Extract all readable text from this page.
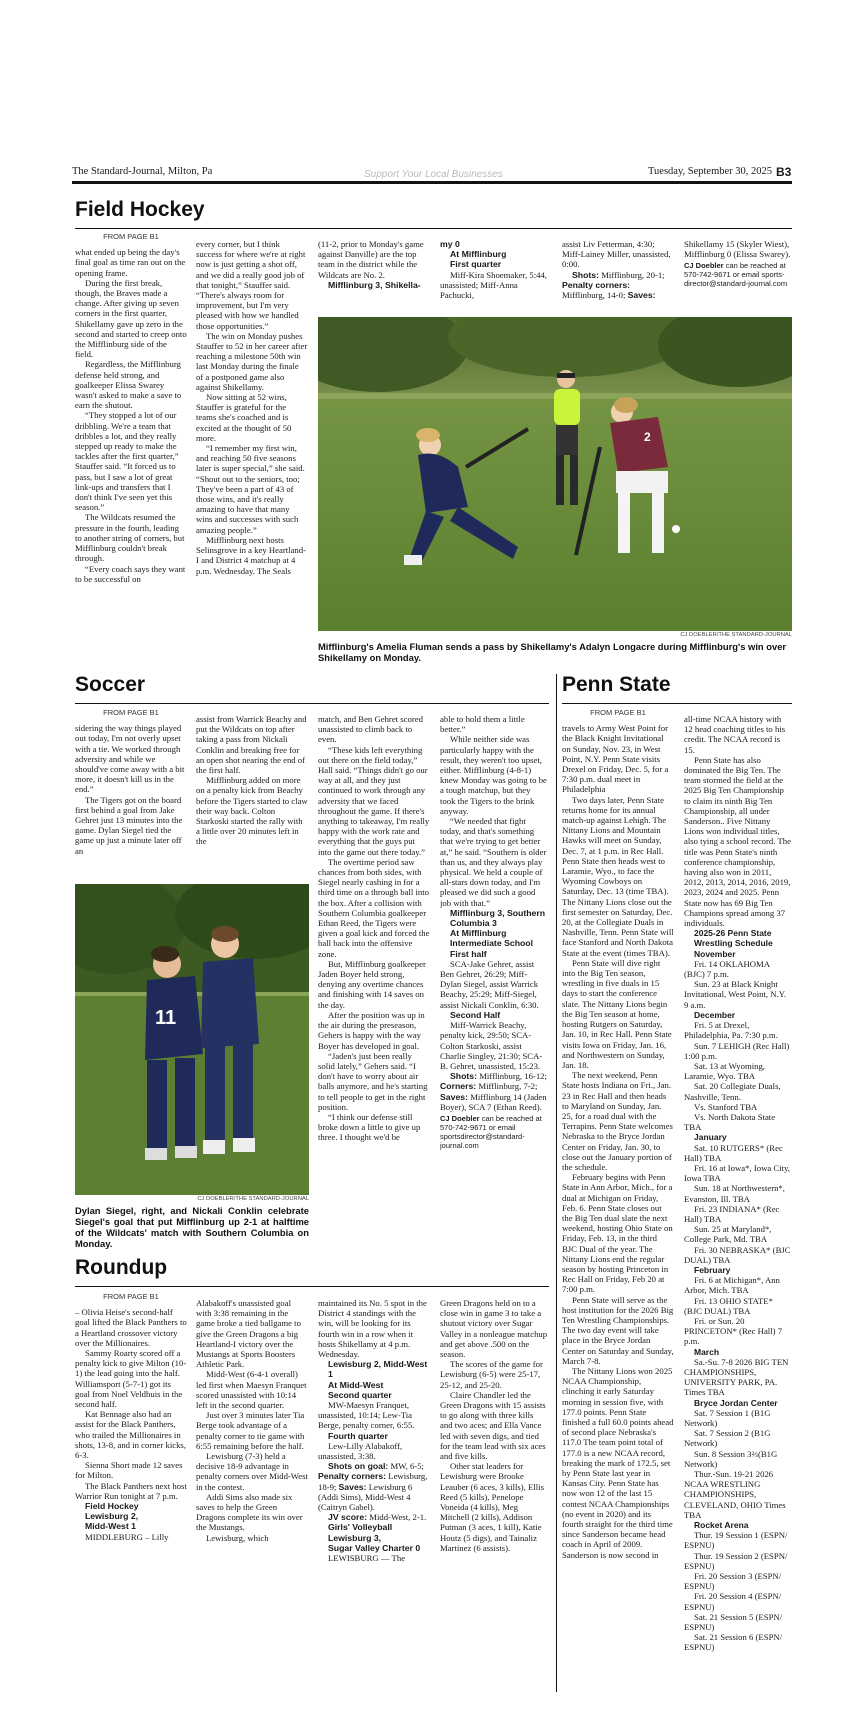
The Standard-Journal, Milton, Pa	Support Your Local Businesses	Tuesday, September 30, 2025 B3
Field Hockey
FROM PAGE B1

what ended up being the day's final goal as time ran out on the opening frame.

During the first break, though, the Braves made a change. After giving up seven corners in the first quarter, Shikellamy gave up zero in the second and started to creep onto the Mifflinburg side of the field.

Regardless, the Mifflinburg defense held strong, and goalkeeper Elissa Swarey wasn't asked to make a save to earn the shutout.

“They stopped a lot of our dribbling. We're a team that dribbles a lot, and they really stepped up ready to make the tackles after the first quarter,” Stauffer said. “It forced us to pass, but I saw a lot of great link-ups and transfers that I don't think I've seen yet this season.”

The Wildcats resumed the pressure in the fourth, leading to another string of corners, but Mifflinburg couldn't break through.

“Every coach says they want to be successful on

every corner, but I think success for where we're at right now is just getting a shot off, and we did a really good job of that tonight,” Stauffer said. “There's always room for improvement, but I'm very pleased with how we handled those opportunities.”

The win on Monday pushes Stauffer to 52 in her career after reaching a milestone 50th win last Monday during the finale of a postponed game also against Shikellamy.

Now sitting at 52 wins, Stauffer is grateful for the teams she's coached and is excited at the thought of 50 more.

“I remember my first win, and reaching 50 five seasons later is super special,” she said. “Shout out to the seniors, too; They've been a part of 43 of those wins, and it's really amazing to have that many wins and successes with such amazing people.”

Mifflinburg next hosts Selinsgrove in a key Heartland-I and District 4 matchup at 4 p.m. Wednesday. The Seals

(11-2, prior to Monday's game against Danville) are the top team in the district while the Wildcats are No. 2.

Mifflinburg 3, Shikella-
my 0
At Mifflinburg
First quarter

Miff-Kira Shoemaker, 5:44, unassisted; Miff-Anna Pachucki,

assist Liv Fetterman, 4:30; Miff-Lainey Miller, unassisted, 0:00.

Shots: Mifflinburg, 20-1; Penalty corners: Mifflinburg, 14-0; Saves:

Shikellamy 15 (Skyler Wiest), Mifflinburg 0 (Elissa Swarey).

CJ Doebler can be reached at 570-742-9671 or email sports-director@standard-journal.com

2
CJ DOEBLER/THE STANDARD-JOURNAL
Mifflinburg's Amelia Fluman sends a pass by Shikellamy's Adalyn Longacre during Mifflinburg's win over Shikellamy on Monday.
Soccer
FROM PAGE B1

sidering the way things played out today, I'm not overly upset with a tie. We worked through adversity and while we should've come away with a bit more, it doesn't kill us in the end.”

The Tigers got on the board first behind a goal from Jake Gehret just 13 minutes into the game. Dylan Siegel tied the game up just a minute later off an

assist from Warrick Beachy and put the Wildcats on top after taking a pass from Nickali Conklin and breaking free for an open shot nearing the end of the first half.

Mifflinburg added on more on a penalty kick from Beachy before the Tigers started to claw their way back. Colton Starkoski started the rally with a little over 20 minutes left in the

match, and Ben Gehret scored unassisted to climb back to even.

“These kids left everything out there on the field today,” Hall said. “Things didn't go our way at all, and they just continued to work through any adversity that we faced throughout the game. If there's anything to takeaway, I'm really happy with the work rate and everything that the guys put into the game out there today.”

The overtime period saw chances from both sides, with Siegel nearly cashing in for a third time on a through ball into the box. After a collision with Southern Columbia goalkeeper Ethan Reed, the Tigers were given a goal kick and forced the ball back into the offensive zone.

But, Mifflinburg goalkeeper Jaden Boyer held strong, denying any overtime chances and finishing with 14 saves on the day.

After the position was up in the air during the preseason, Gehers is happy with the way Boyer has developed in goal.

“Jaden's just been really solid lately,” Gehers said. “I don't have to worry about air balls anymore, and he's starting to tell people to get in the right position.

“I think our defense still broke down a little to give up three. I thought we'd be

able to hold them a little better.”

While neither side was particularly happy with the result, they weren't too upset, either. Mifflinburg (4-8-1) knew Monday was going to be a tough matchup, but they took the Tigers to the brink anyway.

“We needed that fight today, and that's something that we're trying to get better at,” he said. “Southern is older than us, and they always play physical. We held a couple of all-stars down today, and I'm pleased we did such a good job with that.”

Mifflinburg 3, Southern Columbia 3
At Mifflinburg Intermediate School
First half

SCA-Jake Gehret, assist Ben Gehret, 26:29; Miff-Dylan Siegel, assist Warrick Beachy, 25:29; Miff-Siegel, assist Nickali Conklin, 6:30.

Second Half

Miff-Warrick Beachy, penalty kick, 29:50; SCA-Colton Starkoski, assist Charlie Singley, 21:30; SCA-B. Gehret, unassisted, 15:23.

Shots: Mifflinburg, 16-12; Corners: Mifflinburg, 7-2; Saves: Mifflinburg 14 (Jaden Boyer), SCA 7 (Ethan Reed).

CJ Doebler can be reached at 570-742-9671 or email sportsdirector@standard-journal.com

11
CJ DOEBLER/THE STANDARD-JOURNAL
Dylan Siegel, right, and Nickali Conklin celebrate Siegel's goal that put Mifflinburg up 2-1 at halftime of the Wildcats' match with Southern Columbia on Monday.
Roundup
FROM PAGE B1

– Olivia Heise's second-half goal lifted the Black Panthers to a Heartland crossover victory over the Millionaires.

Sammy Roarty scored off a penalty kick to give Milton (10-1) the lead going into the half. Williamsport (5-7-1) got its goal from Noel Veldhuis in the second half.

Kat Bennage also had an assist for the Black Panthers, who trailed the Millionaires in shots, 13-8, and in corner kicks, 6-3.

Sienna Short made 12 saves for Milton.

The Black Panthers next host Warrior Run tonight at 7 p.m.

Field Hockey
Lewisburg 2,
Midd-West 1

MIDDLEBURG – Lilly

Alabakoff's unassisted goal with 3:38 remaining in the game broke a tied ballgame to give the Green Dragons a big Heartland-I victory over the Mustangs at Sports Boosters Athletic Park.

Midd-West (6-4-1 overall) led first when Maesyn Franquet scored unassisted with 10:14 left in the second quarter.

Just over 3 minutes later Tia Berge took advantage of a penalty corner to tie game with 6:55 remaining before the half.

Lewisburg (7-3) held a decisive 18-9 advantage in penalty corners over Midd-West in the contest.

Addi Sims also made six saves to help the Green Dragons complete its win over the Mustangs.

Lewisburg, which

maintained its No. 5 spot in the District 4 standings with the win, will be looking for its fourth win in a row when it hosts Shikellamy at 4 p.m. Wednesday.

Lewisburg 2, Midd-West 1
At Midd-West
Second quarter

MW-Maesyn Franquet, unassisted, 10:14; Lew-Tia Berge, penalty corner, 6:55.

Fourth quarter

Lew-Lilly Alabakoff, unassisted, 3:38.

Shots on goal: MW, 6-5; Penalty corners: Lewisburg, 18-9; Saves: Lewisburg 6 (Addi Sims), Midd-West 4 (Caitryn Gabel).

JV score: Midd-West, 2-1.

Girls' Volleyball
Lewisburg 3,
Sugar Valley Charter 0

LEWISBURG — The

Green Dragons held on to a close win in game 3 to take a shutout victory over Sugar Valley in a nonleague matchup and get above .500 on the season.

The scores of the game for Lewisburg (6-5) were 25-17, 25-12, and 25-20.

Claire Chandler led the Green Dragons with 15 assists to go along with three kills and two aces; and Ella Vance led with seven digs, and tied for the team lead with six aces and five kills.

Other stat leaders for Lewisburg were Brooke Leauber (6 aces, 3 kills), Ellis Reed (5 kills), Penelope Voneida (4 kills), Meg Mitchell (2 kills), Addison Putman (3 aces, 1 kill), Katie Houtz (5 digs), and Tainaliz Martinez (6 assists).

Penn State
FROM PAGE B1

travels to Army West Point for the Black Knight Invitational on Sunday, Nov. 23, in West Point, N.Y. Penn State visits Drexel on Friday, Dec. 5, for a 7:30 p.m. dual meet in Philadelphia

Two days later, Penn State returns home for its annual match-up against Lehigh. The Nittany Lions and Mountain Hawks will meet on Sunday, Dec. 7, at 1 p.m. in Rec Hall. Penn State then heads west to Laramie, Wyo., to face the Wyoming Cowboys on Saturday, Dec. 13 (time TBA). The Nittany Lions close out the first semester on Saturday, Dec. 20, at the Collegiate Duals in Nashville, Tenn. Penn State will face Stanford and North Dakota State at the event (times TBA).

Penn State will dive right into the Big Ten season, wrestling in five duals in 15 days to start the conference slate. The Nittany Lions begin the Big Ten season at home, hosting Rutgers on Saturday, Jan. 10, in Rec Hall. Penn State visits Iowa on Friday, Jan. 16, and Northwestern on Sunday, Jan. 18.

The next weekend, Penn State hosts Indiana on Fri., Jan. 23 in Rec Hall and then heads to Maryland on Sunday, Jan. 25, for a road dual with the Terrapins. Penn State welcomes Nebraska to the Bryce Jordan Center on Friday, Jan. 30, to close out the January portion of the schedule.

February begins with Penn State in Ann Arbor, Mich., for a dual at Michigan on Friday, Feb. 6. Penn State closes out the Big Ten dual slate the next weekend, hosting Ohio State on Friday, Feb. 13, in the third BJC Dual of the year. The Nittany Lions end the regular season by hosting Princeton in Rec Hall on Friday, Feb 20 at 7:00 p.m.

Penn State will serve as the host institution for the 2026 Big Ten Wrestling Championships. The two day event will take place in the Bryce Jordan Center on Saturday and Sunday, March 7-8.

The Nittany Lions won 2025 NCAA Championship, clinching it early Saturday morning in session five, with 177.0 points. Penn State finished a full 60.0 points ahead of second place Nebraska's 117.0 The team point total of 177.0 is a new NCAA record, breaking the mark of 172.5, set by Penn State last year in Kansas City. Penn State has now won 12 of the last 15 contest NCAA Championships (no event in 2020) and its fourth straight for the third time since Sanderson became head coach in April of 2009. Sanderson is now second in

all-time NCAA history with 12 head coaching titles to his credit. The NCAA record is 15.

Penn State has also dominated the Big Ten. The team stormed the field at the 2025 Big Ten Championship to claim its ninth Big Ten Championship, all under Sanderson.. Five Nittany Lions won individual titles, also tying a school record. The title was Penn State's ninth conference championship, having also won in 2011, 2012, 2013, 2014, 2016, 2019, 2023, 2024 and 2025. Penn State now has 69 Big Ten Champions spread among 37 individuals.

2025-26 Penn State Wrestling Schedule
November

Fri. 14 OKLAHOMA (BJC) 7 p.m.

Sun. 23 at Black Knight Invitational, West Point, N.Y. 9 a.m.

December

Fri. 5 at Drexel, Philadelphia, Pa. 7:30 p.m.

Sun. 7 LEHIGH (Rec Hall) 1:00 p.m.

Sat. 13 at Wyoming, Laramie, Wyo. TBA

Sat. 20 Collegiate Duals, Nashville, Tenn.

Vs. Stanford TBA

Vs. North Dakota State TBA

January

Sat. 10 RUTGERS* (Rec Hall) TBA

Fri. 16 at Iowa*, Iowa City, Iowa TBA

Sun. 18 at Northwestern*, Evanston, Ill. TBA

Fri. 23 INDIANA* (Rec Hall) TBA

Sun. 25 at Maryland*, College Park, Md. TBA

Fri. 30 NEBRASKA* (BJC DUAL) TBA

February

Fri. 6 at Michigan*, Ann Arbor, Mich. TBA

Fri. 13 OHIO STATE* (BJC DUAL) TBA

Fri. or Sun. 20 PRINCETON* (Rec Hall) 7 p.m.

March

Sa.-Su. 7-8 2026 BIG TEN CHAMPIONSHIPS, UNIVERSITY PARK, PA. Times TBA

Bryce Jordan Center

Sat. 7 Session 1 (B1G Network)

Sat. 7 Session 2 (B1G Network)

Sun. 8 Session 3⅔(B1G Network)

Thur.-Sun. 19-21 2026 NCAA WRESTLING CHAMPIONSHIPS, CLEVELAND, OHIO Times TBA

Rocket Arena

Thur. 19 Session 1 (ESPN/ ESPNU)

Thur. 19 Session 2 (ESPN/ ESPNU)

Fri. 20 Session 3 (ESPN/ ESPNU)

Fri. 20 Session 4 (ESPN/ ESPNU)

Sat. 21 Session 5 (ESPN/ ESPNU)

Sat. 21 Session 6 (ESPN/ ESPNU)
